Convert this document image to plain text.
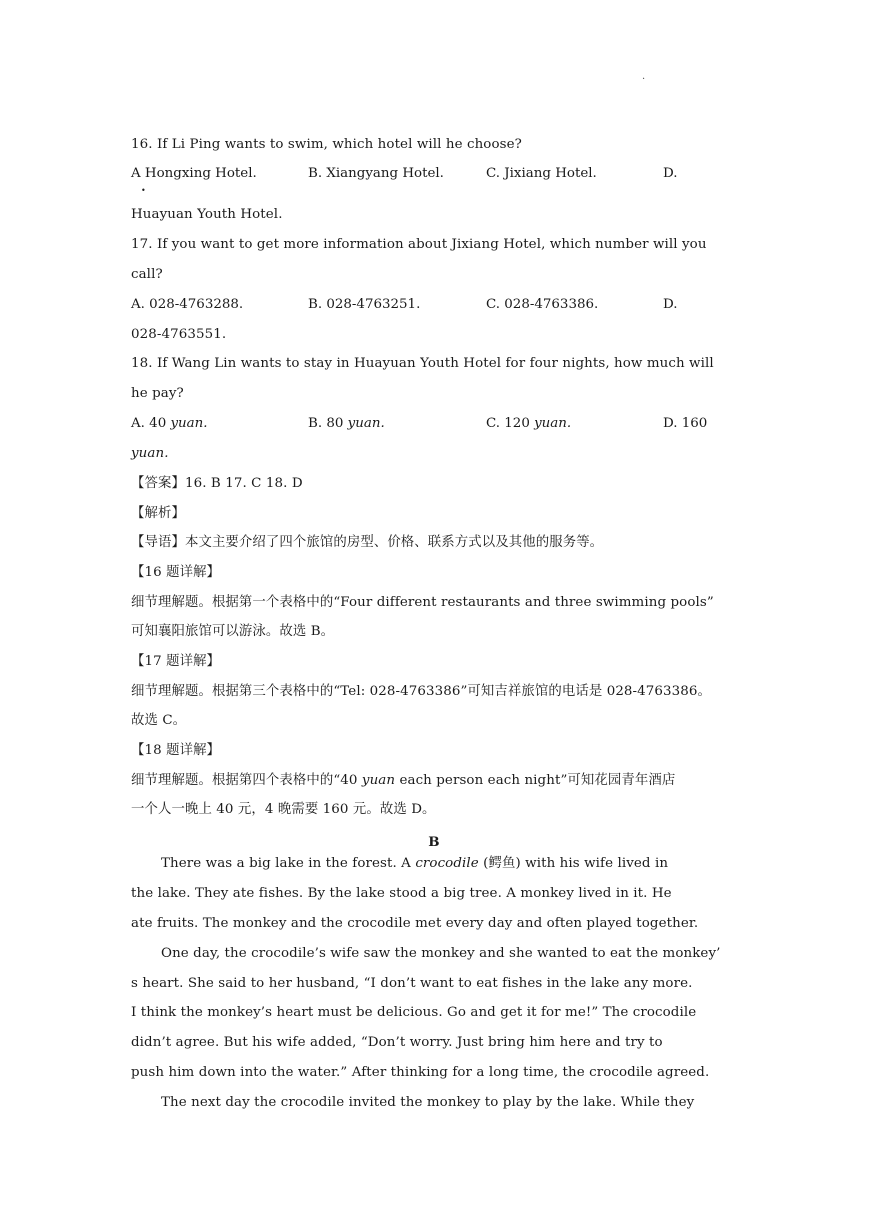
·
16. If Li Ping wants to swim, which hotel will he choose?
A Hongxing Hotel.
•
B. Xiangyang Hotel.	C. Jixiang Hotel.	D.
Huayuan Youth Hotel.
17. If you want to get more information about Jixiang Hotel, which number will you
call?
A. 028-4763288.	B. 028-4763251.	C. 028-4763386.	D.
028-4763551.
18. If Wang Lin wants to stay in Huayuan Youth Hotel for four nights, how much will
he pay?
A. 40 yuan.	B. 80 yuan.	C. 120 yuan.	D. 160
yuan.
【答案】16. B 17. C 18. D
【解析】
【导语】本文主要介绍了四个旅馆的房型、价格、联系方式以及其他的服务等。
【16 题详解】
细节理解题。根据第一个表格中的“Four different restaurants and three swimming pools”
可知襄阳旅馆可以游泳。故选 B。
【17 题详解】
细节理解题。根据第三个表格中的“Tel: 028-4763386”可知吉祥旅馆的电话是 028-4763386。
故选 C。
【18 题详解】
细节理解题。根据第四个表格中的“40 yuan each person each night”可知花园青年酒店
一个人一晚上 40 元，4 晚需要 160 元。故选 D。
B
There was a big lake in the forest. A crocodile (鳄鱼) with his wife lived in
the lake. They ate fishes. By the lake stood a big tree. A monkey lived in it. He
ate fruits. The monkey and the crocodile met every day and often played together.
One day, the crocodile’s wife saw the monkey and she wanted to eat the monkey’
s heart. She said to her husband, “I don’t want to eat fishes in the lake any more.
I think the monkey’s heart must be delicious. Go and get it for me!” The crocodile
didn’t agree. But his wife added, “Don’t worry. Just bring him here and try to
push him down into the water.” After thinking for a long time, the crocodile agreed.
The next day the crocodile invited the monkey to play by the lake. While they
